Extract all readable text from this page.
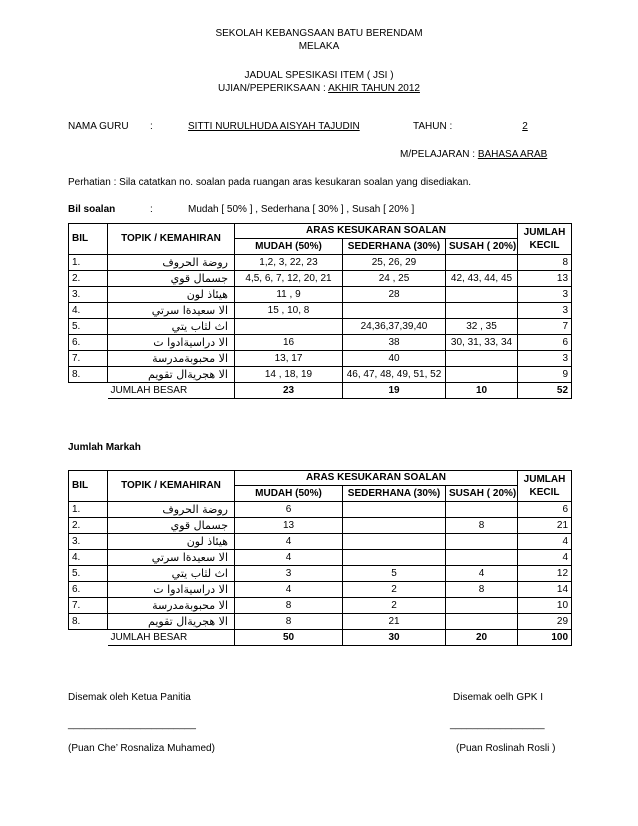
SEKOLAH KEBANGSAAN BATU BERENDAM
MELAKA
JADUAL SPESIKASI ITEM ( JSI )
UJIAN/PEPERIKSAAN : AKHIR TAHUN 2012
NAMA GURU :	SITTI NURULHUDA AISYAH TAJUDIN	TAHUN :	2
M/PELAJARAN : BAHASA ARAB
Perhatian : Sila catatkan no. soalan pada ruangan aras kesukaran soalan yang disediakan.
Bil soalan	:	Mudah [ 50% ] , Sederhana [ 30% ] , Susah [ 20% ]
BIL	TOPIK / KEMAHIRAN	ARAS KESUKARAN SOALAN			JUMLAH
KECIL
		MUDAH (50%)	SEDERHANA (30%)	SUSAH ( 20%)	
1.	روضة الحروف	1,2, 3, 22, 23	25, 26, 29		8
2.	جسمال قوي	4,5, 6, 7, 12, 20, 21	24 , 25	42, 43, 44, 45	13
3.	هيئاذ لون	11 , 9	28		3
4.	الا سعيدةا سرتي	15 , 10, 8			3
5.	اث لثاب يتي		24,36,37,39,40	32 , 35	7
6.	الا دراسيةادوا ت	16	38	30, 31, 33, 34	6
7.	الا محبوبةمدرسة	13, 17	40		3
8.	الا هجريةال تقويم	14 , 18, 19	46, 47, 48, 49, 51, 52		9
	JUMLAH BESAR	23	19	10	52
Jumlah Markah
BIL	TOPIK / KEMAHIRAN	ARAS KESUKARAN SOALAN			JUMLAH
KECIL
		MUDAH (50%)	SEDERHANA (30%)	SUSAH ( 20%)	
1.	روضة الحروف	6			6
2.	جسمال قوي	13		8	21
3.	هيئاذ لون	4			4
4.	الا سعيدةا سرتي	4			4
5.	اث لثاب يتي	3	5	4	12
6.	الا دراسيةادوا ت	4	2	8	14
7.	الا محبوبةمدرسة	8	2		10
8.	الا هجريةال تقويم	8	21		29
	JUMLAH BESAR	50	30	20	100
Disemak oleh Ketua Panitia
_______________________
(Puan Che’ Rosnaliza Muhamed)
Disemak oelh GPK I
_________________
(Puan Roslinah Rosli )
